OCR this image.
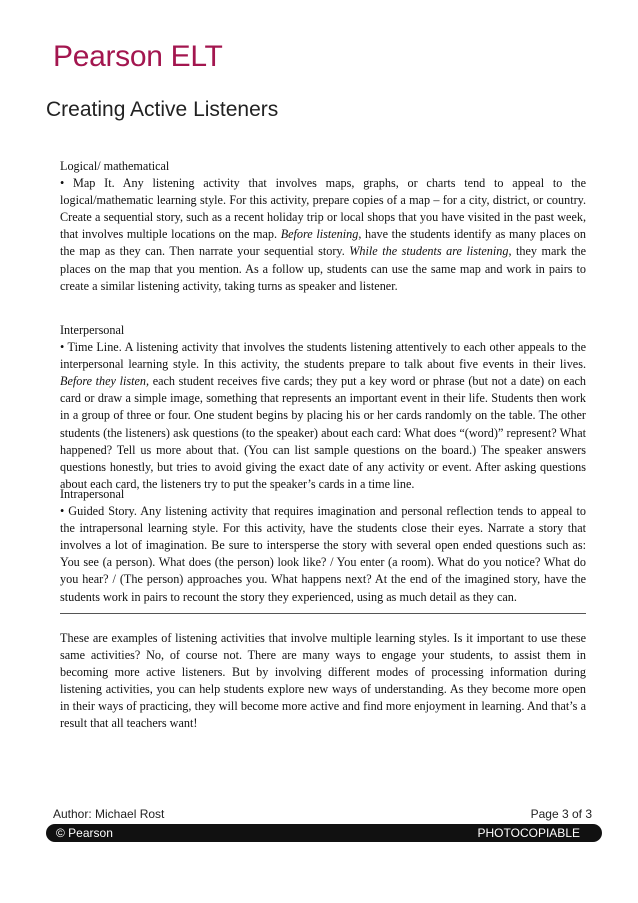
Pearson ELT
Creating Active Listeners
Logical/ mathematical

• Map It. Any listening activity that involves maps, graphs, or charts tend to appeal to the logical/mathematic learning style. For this activity, prepare copies of a map – for a city, district, or country. Create a sequential story, such as a recent holiday trip or local shops that you have visited in the past week, that involves multiple locations on the map. Before listening, have the students identify as many places on the map as they can. Then narrate your sequential story. While the students are listening, they mark the places on the map that you mention. As a follow up, students can use the same map and work in pairs to create a similar listening activity, taking turns as speaker and listener.

Interpersonal

• Time Line. A listening activity that involves the students listening attentively to each other appeals to the interpersonal learning style. In this activity, the students prepare to talk about five events in their lives. Before they listen, each student receives five cards; they put a key word or phrase (but not a date) on each card or draw a simple image, something that represents an important event in their life. Students then work in a group of three or four. One student begins by placing his or her cards randomly on the table. The other students (the listeners) ask questions (to the speaker) about each card: What does “(word)” represent? What happened? Tell us more about that. (You can list sample questions on the board.) The speaker answers questions honestly, but tries to avoid giving the exact date of any activity or event. After asking questions about each card, the listeners try to put the speaker’s cards in a time line.

Intrapersonal

• Guided Story. Any listening activity that requires imagination and personal reflection tends to appeal to the intrapersonal learning style. For this activity, have the students close their eyes. Narrate a story that involves a lot of imagination. Be sure to intersperse the story with several open ended questions such as: You see (a person). What does (the person) look like? / You enter (a room). What do you notice? What do you hear? / (The person) approaches you. What happens next? At the end of the imagined story, have the students work in pairs to recount the story they experienced, using as much detail as they can.

These are examples of listening activities that involve multiple learning styles. Is it important to use these same activities? No, of course not. There are many ways to engage your students, to assist them in becoming more active listeners. But by involving different modes of processing information during listening activities, you can help students explore new ways of understanding. As they become more open in their ways of practicing, they will become more active and find more enjoyment in learning. And that’s a result that all teachers want!

Author: Michael Rost	Page 3 of 3
© Pearson	PHOTOCOPIABLE
